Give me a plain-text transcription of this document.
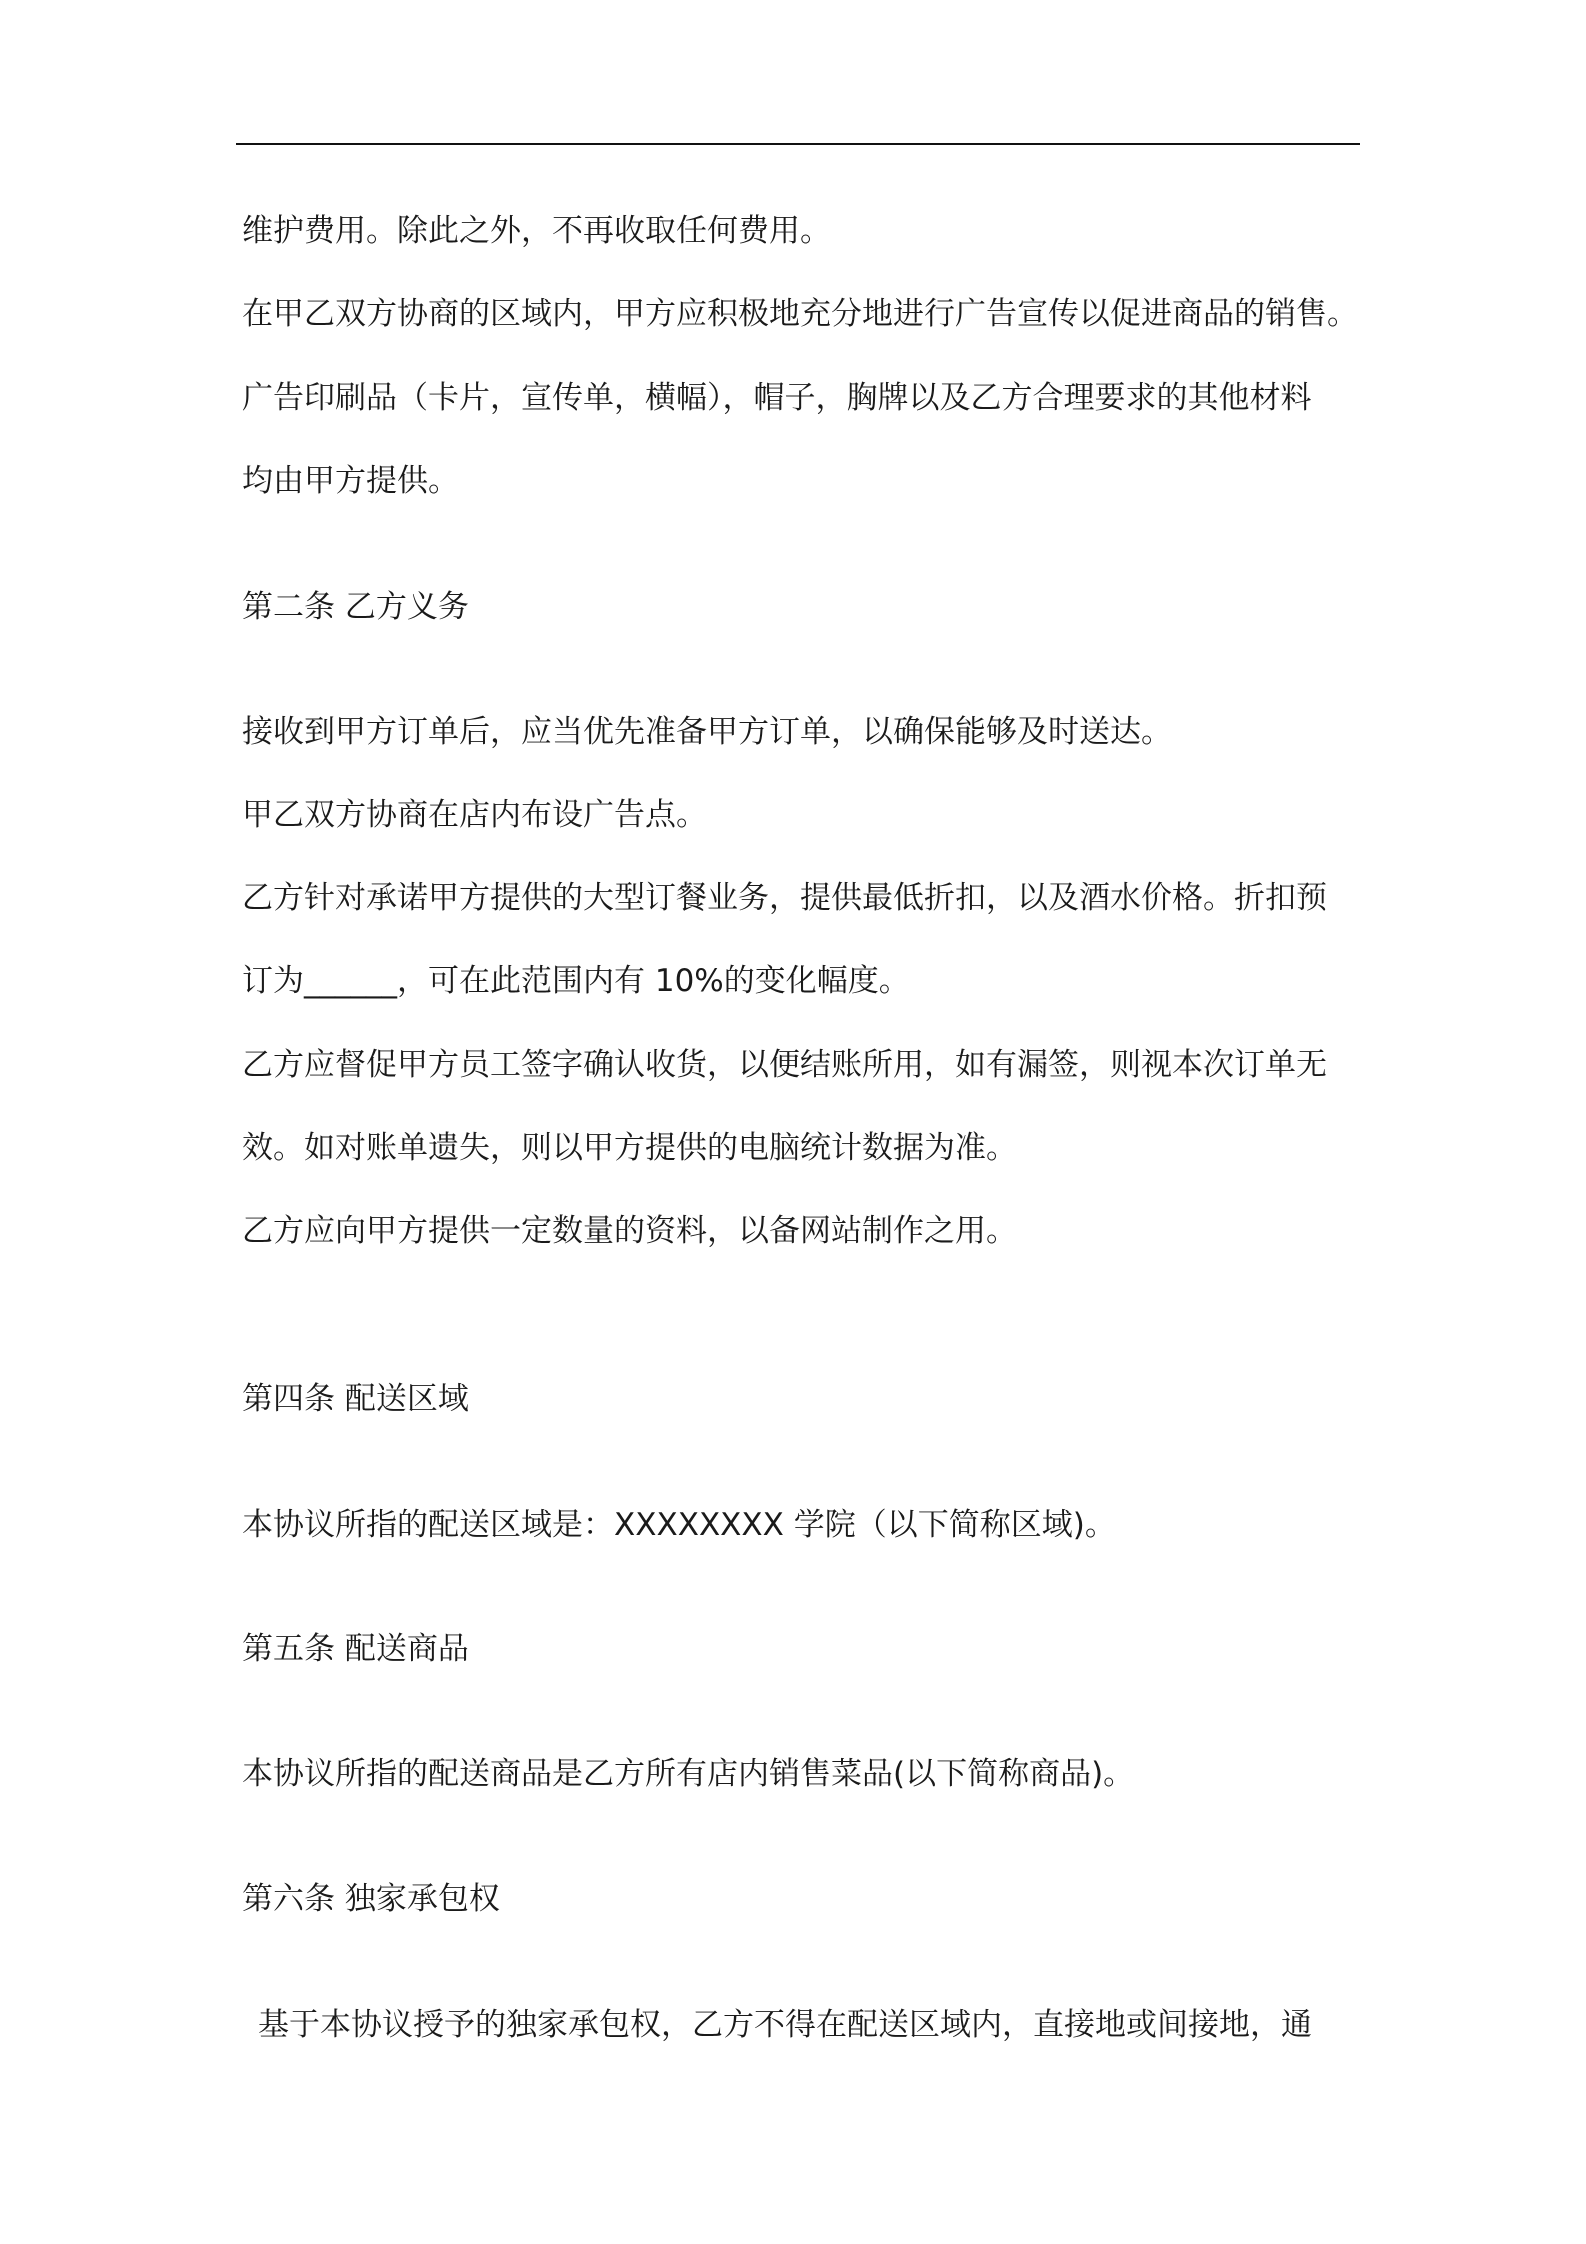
维护费用。除此之外，不再收取任何费用。
在甲乙双方协商的区域内，甲方应积极地充分地进行广告宣传以促进商品的销售。
广告印刷品（卡片，宣传单，横幅），帽子，胸牌以及乙方合理要求的其他材料
均由甲方提供。
第二条 乙方义务
接收到甲方订单后，应当优先准备甲方订单，以确保能够及时送达。
甲乙双方协商在店内布设广告点。
乙方针对承诺甲方提供的大型订餐业务，提供最低折扣，以及酒水价格。折扣预
订为______，可在此范围内有 10%的变化幅度。
乙方应督促甲方员工签字确认收货，以便结账所用，如有漏签，则视本次订单无
效。如对账单遗失，则以甲方提供的电脑统计数据为准。
乙方应向甲方提供一定数量的资料，以备网站制作之用。
第四条 配送区域
本协议所指的配送区域是：XXXXXXXX 学院（以下简称区域)。
第五条 配送商品
本协议所指的配送商品是乙方所有店内销售菜品(以下简称商品)。
第六条 独家承包权
基于本协议授予的独家承包权，乙方不得在配送区域内，直接地或间接地，通
